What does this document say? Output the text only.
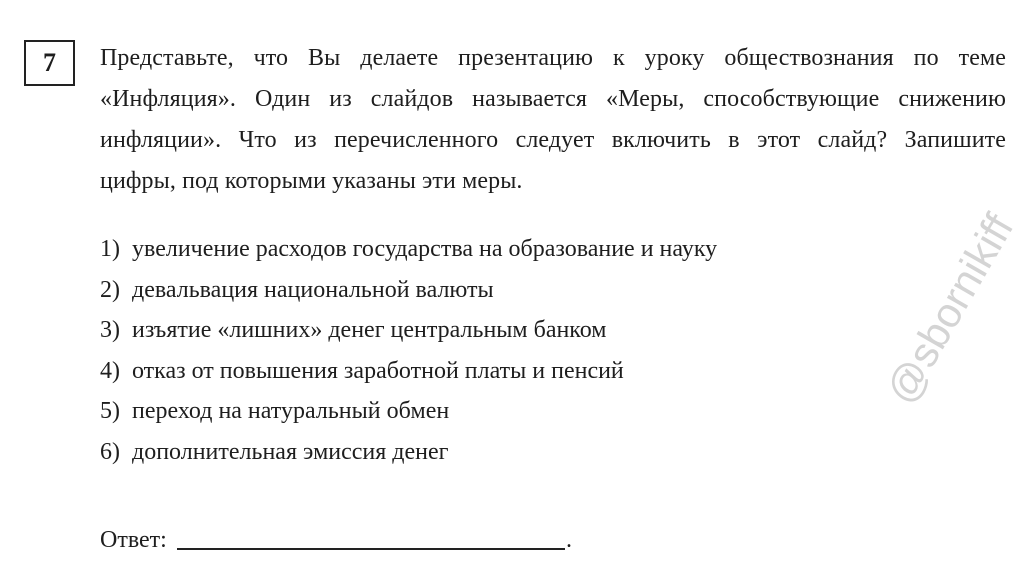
7	Представьте, что Вы делаете презентацию к уроку обществознания по теме
«Инфляция». Один из слайдов называется «Меры, способствующие снижению
инфляции». Что из перечисленного следует включить в этот слайд? Запишите
цифры, под которыми указаны эти меры.
1) увеличение расходов государства на образование и науку
2) девальвация национальной валюты
3) изъятие «лишних» денег центральным банком
4) отказ от повышения заработной платы и пенсий
5) переход на натуральный обмен
6) дополнительная эмиссия денег
Ответ:	.
@sbornikiff
